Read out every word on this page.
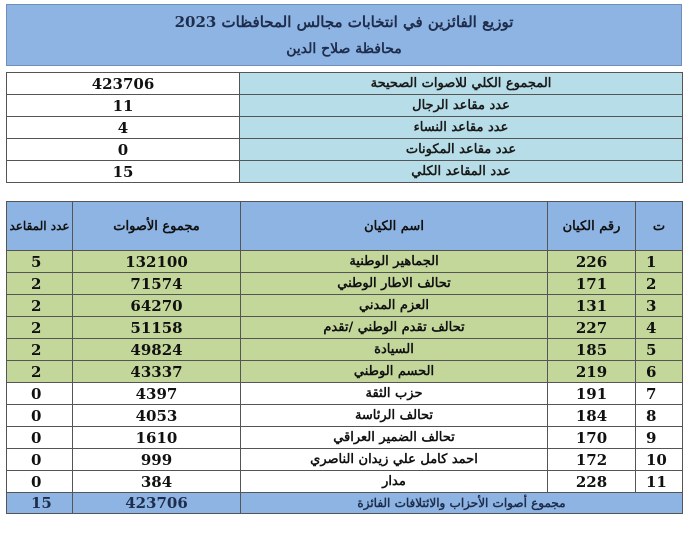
توزيع الفائزين في انتخابات مجالس المحافظات 2023
محافظة صلاح الدين
423706	المجموع الكلي للاصوات الصحيحة
11	عدد مقاعد الرجال
4	عدد مقاعد النساء
0	عدد مقاعد المكونات
15	عدد المقاعد الكلي
عدد المقاعد	مجموع الأصوات	اسم الكيان	رقم الكيان	ت
5	132100	الجماهير الوطنية	226	1
2	71574	تحالف الاطار الوطني	171	2
2	64270	العزم المدني	131	3
2	51158	تحالف تقدم الوطني /تقدم	227	4
2	49824	السيادة	185	5
2	43337	الحسم الوطني	219	6
0	4397	حزب الثقة	191	7
0	4053	تحالف الرئاسة	184	8
0	1610	تحالف الضمير العراقي	170	9
0	999	احمد كامل علي زيدان الناصري	172	10
0	384	مدار	228	11
15	423706	مجموع أصوات الأحزاب والائتلافات الفائزة		
